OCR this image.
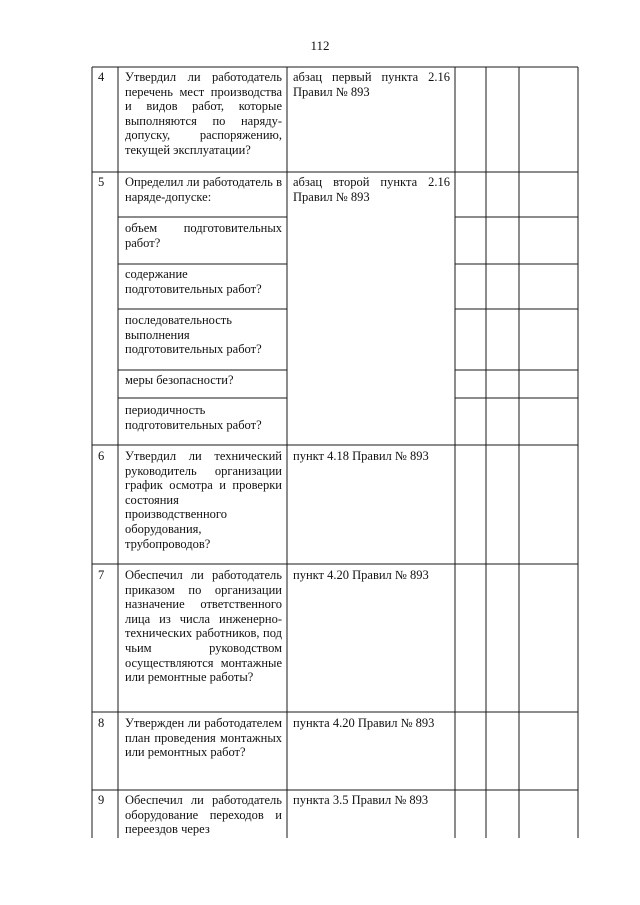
112
4 Утвердил ли работодатель перечень мест производства и видов работ, которые выполняются по наряду-допуску, распоряжению, текущей эксплуатации?
абзац первый пункта 2.16 Правил № 893
5 Определил ли работодатель в наряде-допуске:
абзац второй пункта 2.16 Правил № 893
объем подготовительных работ?
содержание подготовительных работ?
последовательность выполнения подготовительных работ?
меры безопасности?
периодичность подготовительных работ?
6 Утвердил ли технический руководитель организации график осмотра и проверки состояния производственного оборудования, трубопроводов?
пункт 4.18 Правил № 893
7 Обеспечил ли работодатель приказом по организации назначение ответственного лица из числа инженерно-технических работников, под чьим руководством осуществляются монтажные или ремонтные работы?
пункт 4.20 Правил № 893
8 Утвержден ли работодателем план проведения монтажных или ремонтных работ?
пункта 4.20 Правил № 893
9 Обеспечил ли работодатель оборудование переходов и переездов через
пункта 3.5 Правил № 893
